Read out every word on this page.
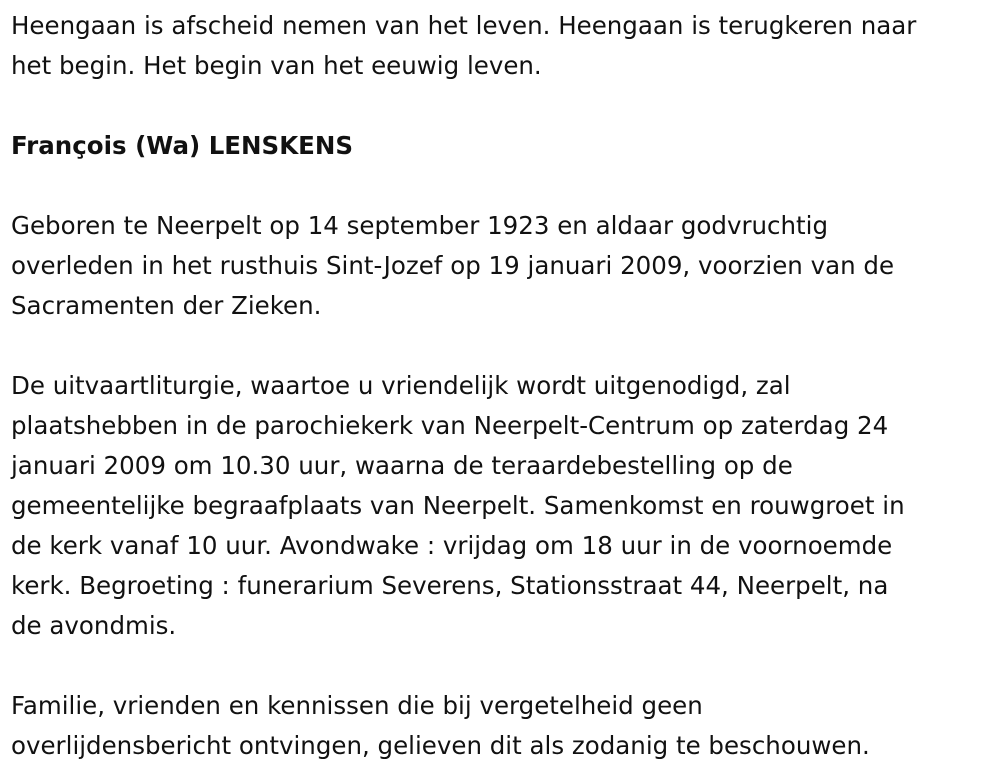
Heengaan is afscheid nemen van het leven. Heengaan is terugkeren naar
het begin. Het begin van het eeuwig leven.

François (Wa) LENSKENS

Geboren te Neerpelt op 14 september 1923 en aldaar godvruchtig
overleden in het rusthuis Sint-Jozef op 19 januari 2009, voorzien van de
Sacramenten der Zieken.

De uitvaartliturgie, waartoe u vriendelijk wordt uitgenodigd, zal
plaatshebben in de parochiekerk van Neerpelt-Centrum op zaterdag 24
januari 2009 om 10.30 uur, waarna de teraardebestelling op de
gemeentelijke begraafplaats van Neerpelt. Samenkomst en rouwgroet in
de kerk vanaf 10 uur. Avondwake : vrijdag om 18 uur in de voornoemde
kerk. Begroeting : funerarium Severens, Stationsstraat 44, Neerpelt, na
de avondmis.

Familie, vrienden en kennissen die bij vergetelheid geen
overlijdensbericht ontvingen, gelieven dit als zodanig te beschouwen.
